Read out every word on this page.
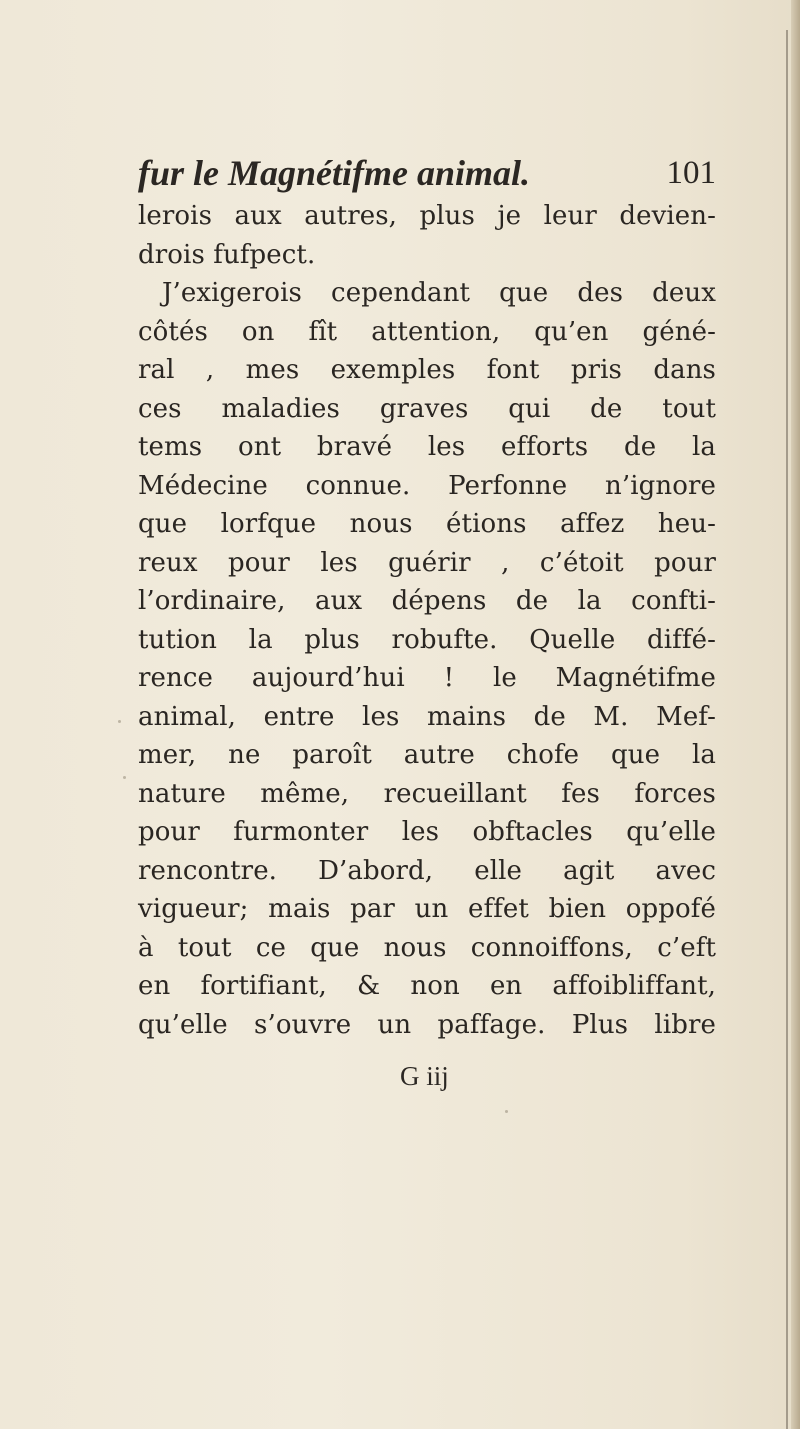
fur le Magnétifme animal.	101
lerois aux autres, plus je leur devien-
drois fufpect.
J’exigerois cependant que des deux
côtés on fît attention, qu’en géné-
ral , mes exemples font pris dans
ces maladies graves qui de tout
tems ont bravé les efforts de la
Médecine connue. Perfonne n’ignore
que lorfque nous étions affez heu-
reux pour les guérir , c’étoit pour
l’ordinaire, aux dépens de la confti-
tution la plus robufte. Quelle diffé-
rence aujourd’hui ! le Magnétifme
animal, entre les mains de M. Mef-
mer, ne paroît autre chofe que la
nature même, recueillant fes forces
pour furmonter les obftacles qu’elle
rencontre. D’abord, elle agit avec
vigueur; mais par un effet bien oppofé
à tout ce que nous connoiffons, c’eft
en fortifiant, & non en affoibliffant,
qu’elle s’ouvre un paffage. Plus libre
G iij
